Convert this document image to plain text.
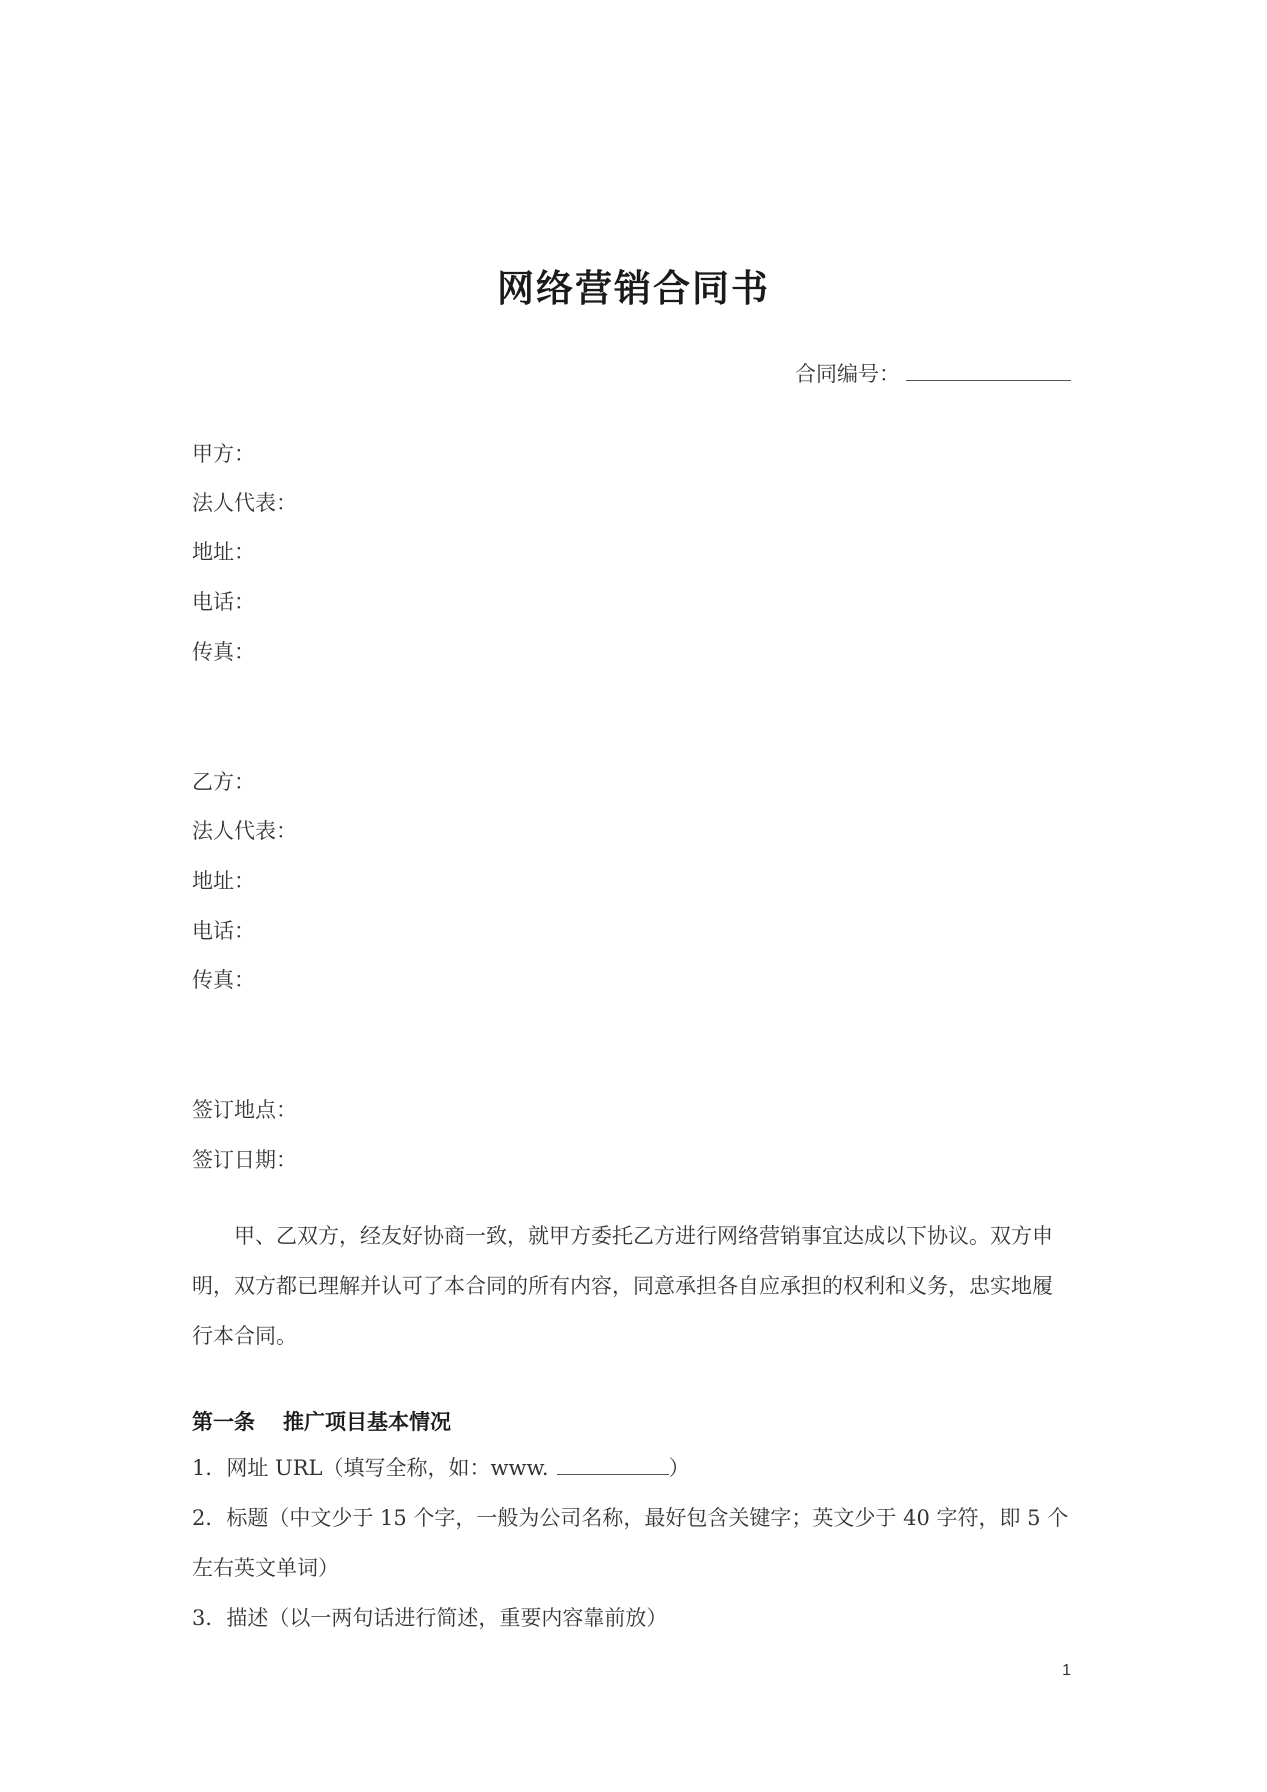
网络营销合同书
合同编号：
甲方：
法人代表：
地址：
电话：
传真：
乙方：
法人代表：
地址：
电话：
传真：
签订地点：
签订日期：
甲、乙双方，经友好协商一致，就甲方委托乙方进行网络营销事宜达成以下协议。双方申明，双方都已理解并认可了本合同的所有内容，同意承担各自应承担的权利和义务，忠实地履行本合同。
第一条 推广项目基本情况
1．网址 URL（填写全称，如：www.	）
2．标题（中文少于 15 个字，一般为公司名称，最好包含关键字；英文少于 40 字符，即 5 个左右英文单词）
3．描述（以一两句话进行简述，重要内容靠前放）
1
